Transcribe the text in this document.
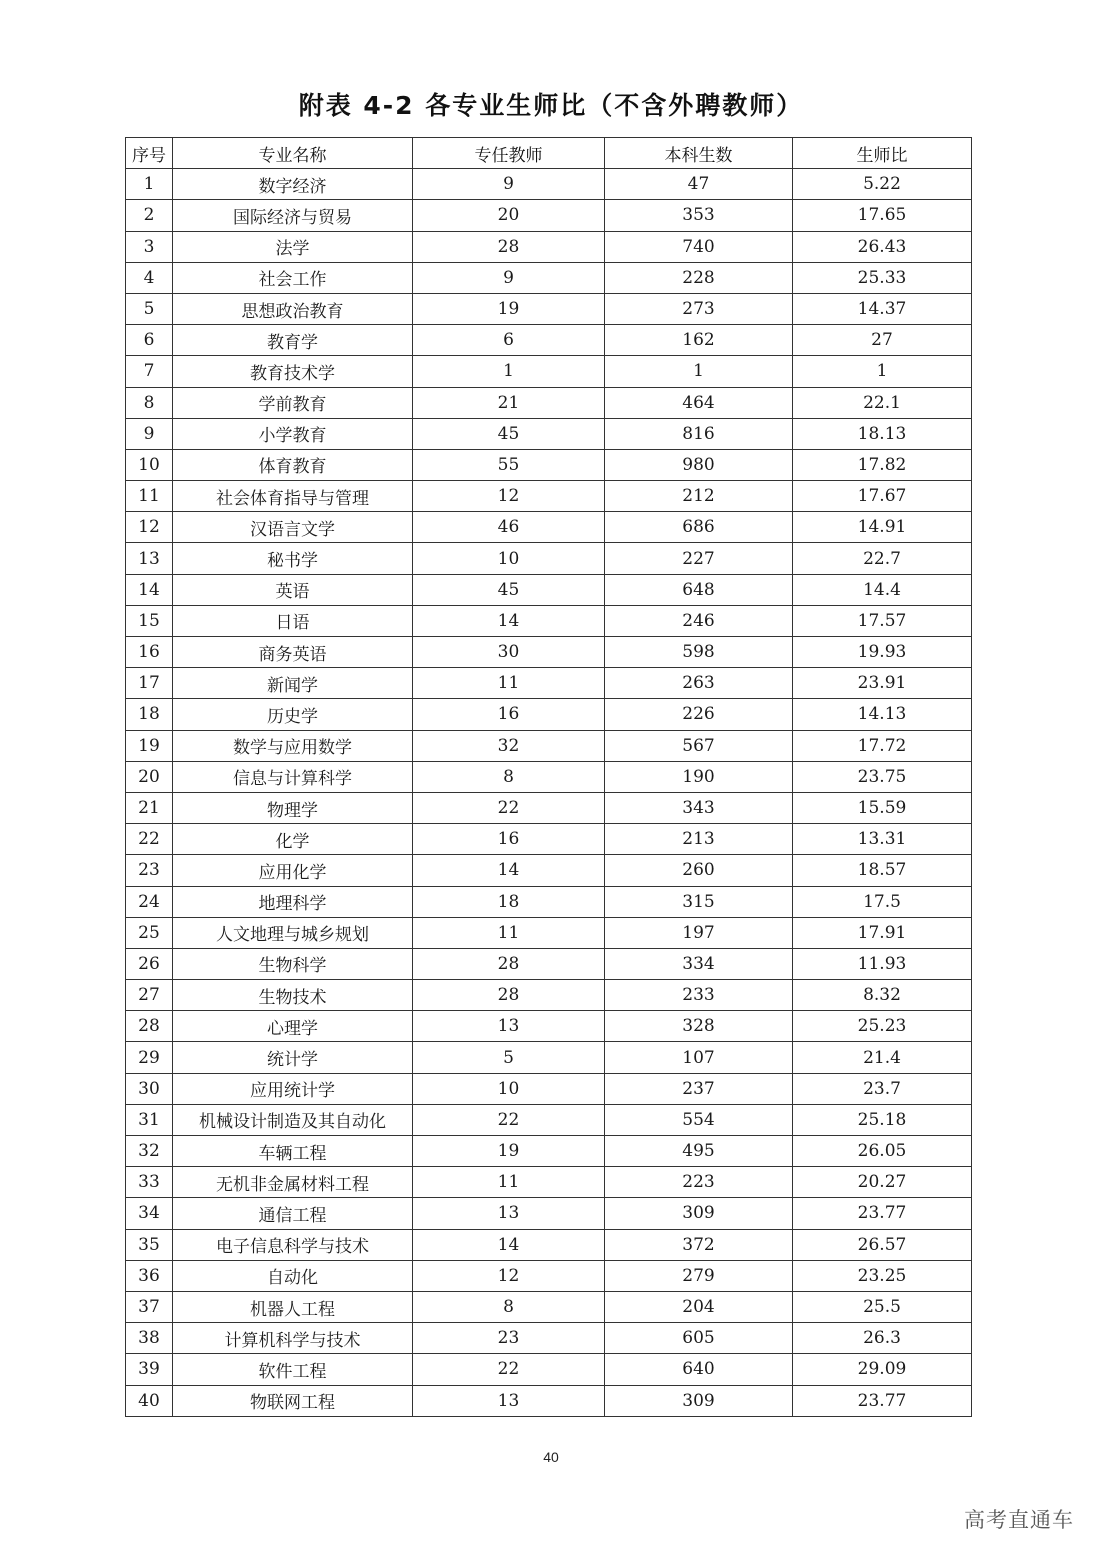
附表 4-2 各专业生师比（不含外聘教师）
序号	专业名称	专任教师	本科生数	生师比
1	数字经济	9	47	5.22
2	国际经济与贸易	20	353	17.65
3	法学	28	740	26.43
4	社会工作	9	228	25.33
5	思想政治教育	19	273	14.37
6	教育学	6	162	27
7	教育技术学	1	1	1
8	学前教育	21	464	22.1
9	小学教育	45	816	18.13
10	体育教育	55	980	17.82
11	社会体育指导与管理	12	212	17.67
12	汉语言文学	46	686	14.91
13	秘书学	10	227	22.7
14	英语	45	648	14.4
15	日语	14	246	17.57
16	商务英语	30	598	19.93
17	新闻学	11	263	23.91
18	历史学	16	226	14.13
19	数学与应用数学	32	567	17.72
20	信息与计算科学	8	190	23.75
21	物理学	22	343	15.59
22	化学	16	213	13.31
23	应用化学	14	260	18.57
24	地理科学	18	315	17.5
25	人文地理与城乡规划	11	197	17.91
26	生物科学	28	334	11.93
27	生物技术	28	233	8.32
28	心理学	13	328	25.23
29	统计学	5	107	21.4
30	应用统计学	10	237	23.7
31	机械设计制造及其自动化	22	554	25.18
32	车辆工程	19	495	26.05
33	无机非金属材料工程	11	223	20.27
34	通信工程	13	309	23.77
35	电子信息科学与技术	14	372	26.57
36	自动化	12	279	23.25
37	机器人工程	8	204	25.5
38	计算机科学与技术	23	605	26.3
39	软件工程	22	640	29.09
40	物联网工程	13	309	23.77
40
高考直通车
